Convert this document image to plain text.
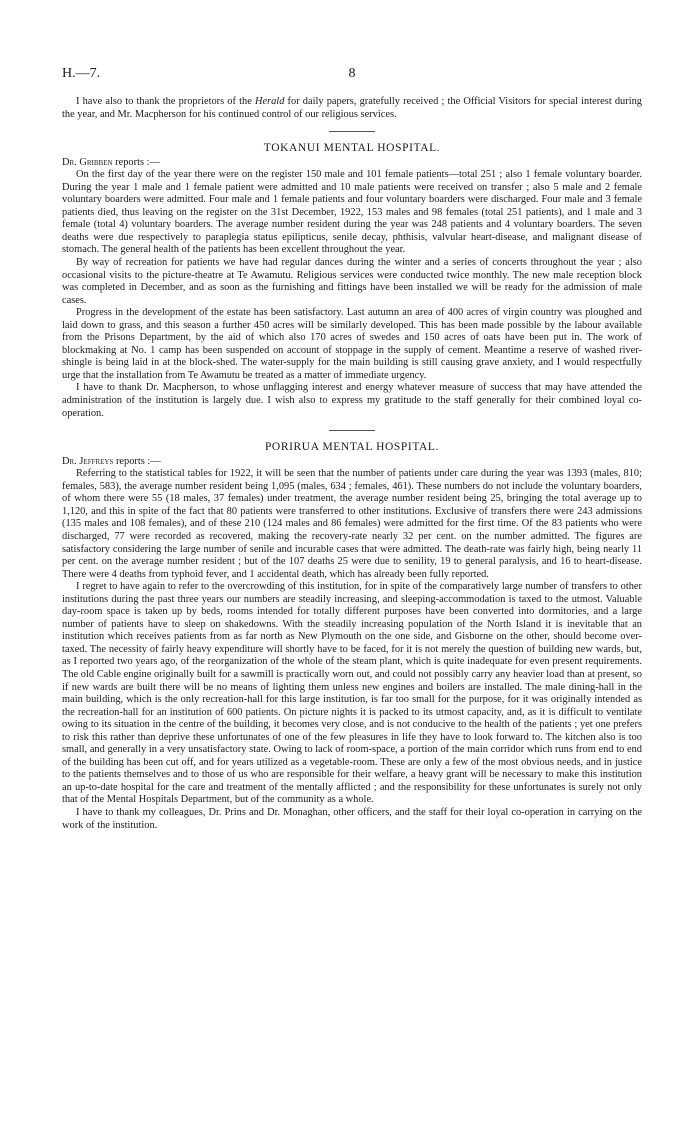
H.—7.	8

I have also to thank the proprietors of the Herald for daily papers, gratefully received ; the Official Visitors for special interest during the year, and Mr. Macpherson for his continued control of our religious services.

TOKANUI MENTAL HOSPITAL.

Dr. Gribben reports :—

On the first day of the year there were on the register 150 male and 101 female patients—total 251 ; also 1 female voluntary boarder. During the year 1 male and 1 female patient were admitted and 10 male patients were received on transfer ; also 5 male and 2 female voluntary boarders were admitted. Four male and 1 female patients and four voluntary boarders were discharged. Four male and 3 female patients died, thus leaving on the register on the 31st December, 1922, 153 males and 98 females (total 251 patients), and 1 male and 3 female (total 4) voluntary boarders. The average number resident during the year was 248 patients and 4 voluntary boarders. The seven deaths were due respectively to paraplegia status epilipticus, senile decay, phthisis, valvular heart-disease, and malignant disease of stomach. The general health of the patients has been excellent throughout the year.

By way of recreation for patients we have had regular dances during the winter and a series of concerts throughout the year ; also occasional visits to the picture-theatre at Te Awamutu. Religious services were conducted twice monthly. The new male reception block was completed in December, and as soon as the furnishing and fittings have been installed we will be ready for the admission of male cases.

Progress in the development of the estate has been satisfactory. Last autumn an area of 400 acres of virgin country was ploughed and laid down to grass, and this season a further 450 acres will be similarly developed. This has been made possible by the labour available from the Prisons Department, by the aid of which also 170 acres of swedes and 150 acres of oats have been put in. The work of blockmaking at No. 1 camp has been suspended on account of stoppage in the supply of cement. Meantime a reserve of washed river-shingle is being laid in at the block-shed. The water-supply for the main building is still causing grave anxiety, and I would respectfully urge that the installation from Te Awamutu be treated as a matter of immediate urgency.

I have to thank Dr. Macpherson, to whose unflagging interest and energy whatever measure of success that may have attended the administration of the institution is largely due. I wish also to express my gratitude to the staff generally for their combined loyal co-operation.

PORIRUA MENTAL HOSPITAL.

Dr. Jeffreys reports :—

Referring to the statistical tables for 1922, it will be seen that the number of patients under care during the year was 1393 (males, 810; females, 583), the average number resident being 1,095 (males, 634 ; females, 461). These numbers do not include the voluntary boarders, of whom there were 55 (18 males, 37 females) under treatment, the average number resident being 25, bringing the total average up to 1,120, and this in spite of the fact that 80 patients were transferred to other institutions. Exclusive of transfers there were 243 admissions (135 males and 108 females), and of these 210 (124 males and 86 females) were admitted for the first time. Of the 83 patients who were discharged, 77 were recorded as recovered, making the recovery-rate nearly 32 per cent. on the number admitted. The figures are satisfactory considering the large number of senile and incurable cases that were admitted. The death-rate was fairly high, being nearly 11 per cent. on the average number resident ; but of the 107 deaths 25 were due to senility, 19 to general paralysis, and 16 to heart-disease. There were 4 deaths from typhoid fever, and 1 accidental death, which has already been fully reported.

I regret to have again to refer to the overcrowding of this institution, for in spite of the comparatively large number of transfers to other institutions during the past three years our numbers are steadily increasing, and sleeping-accommodation is taxed to the utmost. Valuable day-room space is taken up by beds, rooms intended for totally different purposes have been converted into dormitories, and a large number of patients have to sleep on shakedowns. With the steadily increasing population of the North Island it is inevitable that an institution which receives patients from as far north as New Plymouth on the one side, and Gisborne on the other, should become over-taxed. The necessity of fairly heavy expenditure will shortly have to be faced, for it is not merely the question of building new wards, but, as I reported two years ago, of the reorganization of the whole of the steam plant, which is quite inadequate for even present requirements. The old Cable engine originally built for a sawmill is practically worn out, and could not possibly carry any heavier load than at present, so if new wards are built there will be no means of lighting them unless new engines and boilers are installed. The male dining-hall in the main building, which is the only recreation-hall for this large institution, is far too small for the purpose, for it was originally intended as the recreation-hall for an institution of 600 patients. On picture nights it is packed to its utmost capacity, and, as it is difficult to ventilate owing to its situation in the centre of the building, it becomes very close, and is not conducive to the health of the patients ; yet one prefers to risk this rather than deprive these unfortunates of one of the few pleasures in life they have to look forward to. The kitchen also is too small, and generally in a very unsatisfactory state. Owing to lack of room-space, a portion of the main corridor which runs from end to end of the building has been cut off, and for years utilized as a vegetable-room. These are only a few of the most obvious needs, and in justice to the patients themselves and to those of us who are responsible for their welfare, a heavy grant will be necessary to make this institution an up-to-date hospital for the care and treatment of the mentally afflicted ; and the responsibility for these unfortunates is surely not only that of the Mental Hospitals Department, but of the community as a whole.

I have to thank my colleagues, Dr. Prins and Dr. Monaghan, other officers, and the staff for their loyal co-operation in carrying on the work of the institution.
